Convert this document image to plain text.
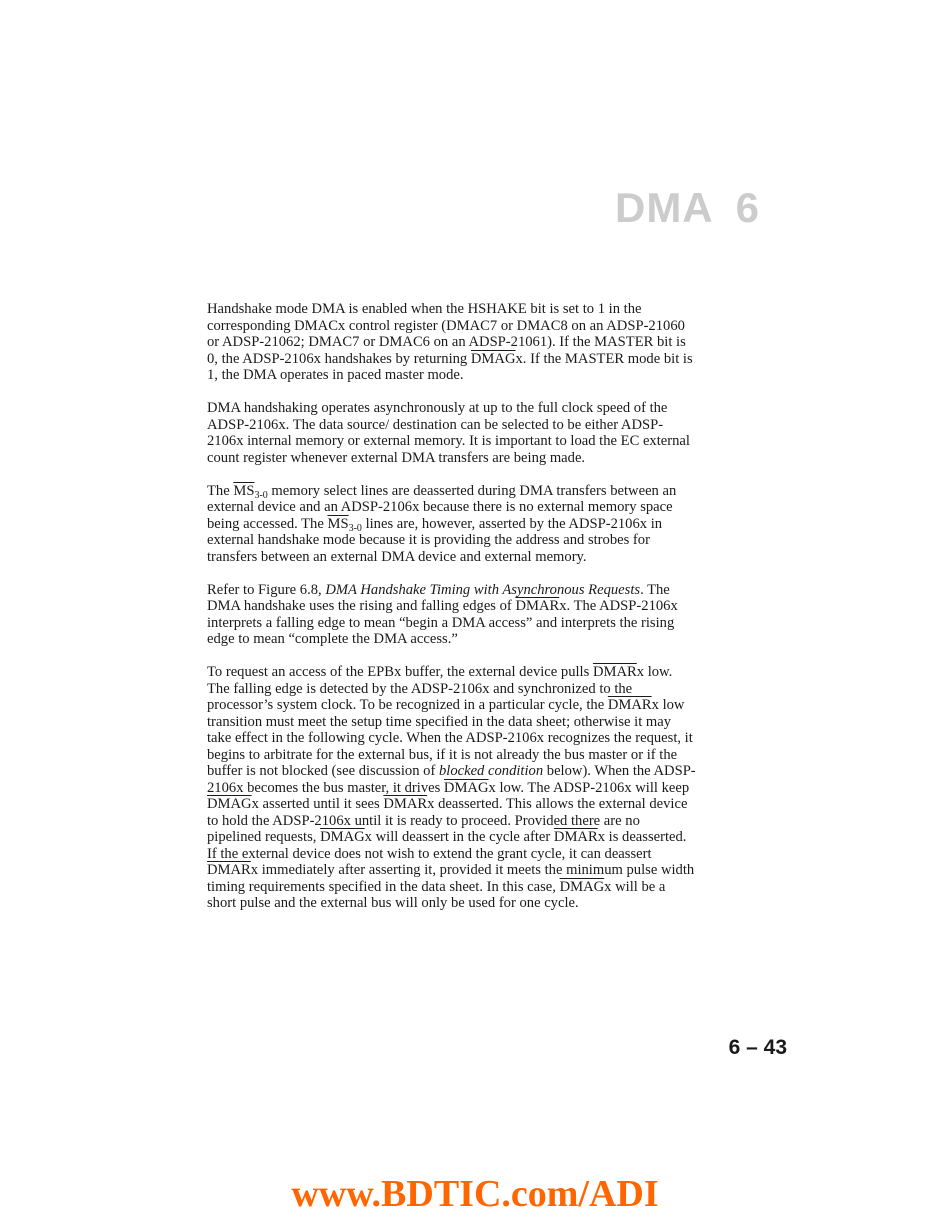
DMA 6

Handshake mode DMA is enabled when the HSHAKE bit is set to 1 in the corresponding DMACx control register (DMAC7 or DMAC8 on an ADSP-21060 or ADSP-21062; DMAC7 or DMAC6 on an ADSP-21061). If the MASTER bit is 0, the ADSP-2106x handshakes by returning DMAGx. If the MASTER mode bit is 1, the DMA operates in paced master mode.

DMA handshaking operates asynchronously at up to the full clock speed of the ADSP-2106x. The data source/ destination can be selected to be either ADSP-2106x internal memory or external memory. It is important to load the EC external count register whenever external DMA transfers are being made.

The $\overline{MS}_{3-0}$ memory select lines are deasserted during DMA transfers between an external device and an ADSP-2106x because there is no external memory space being accessed. The $\overline{MS}_{3-0}$ lines are, however, asserted by the ADSP-2106x in external handshake mode because it is providing the address and strobes for transfers between an external DMA device and external memory.

Refer to Figure 6.8, DMA Handshake Timing with Asynchronous Requests. The DMA handshake uses the rising and falling edges of DMARx. The ADSP-2106x interprets a falling edge to mean “begin a DMA access” and interprets the rising edge to mean “complete the DMA access.”

To request an access of the EPBx buffer, the external device pulls DMARx low. The falling edge is detected by the ADSP-2106x and synchronized to the processor’s system clock. To be recognized in a particular cycle, the DMARx low transition must meet the setup time specified in the data sheet; otherwise it may take effect in the following cycle. When the ADSP-2106x recognizes the request, it begins to arbitrate for the external bus, if it is not already the bus master or if the buffer is not blocked (see discussion of blocked condition below). When the ADSP-2106x becomes the bus master, it drives DMAGx low. The ADSP-2106x will keep DMAGx asserted until it sees DMARx deasserted. This allows the external device to hold the ADSP-2106x until it is ready to proceed. Provided there are no pipelined requests, DMAGx will deassert in the cycle after DMARx is deasserted. If the external device does not wish to extend the grant cycle, it can deassert DMARx immediately after asserting it, provided it meets the minimum pulse width timing requirements specified in the data sheet. In this case, DMAGx will be a short pulse and the external bus will only be used for one cycle.

6 – 43

www.BDTIC.com/ADI
